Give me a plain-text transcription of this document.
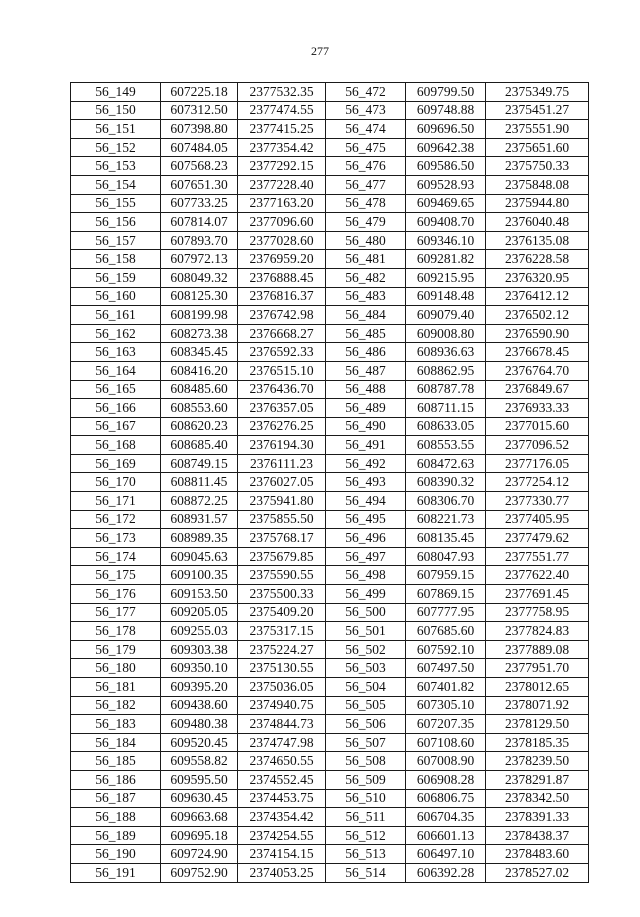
277
56_149	607225.18	2377532.35	56_472	609799.50	2375349.75
56_150	607312.50	2377474.55	56_473	609748.88	2375451.27
56_151	607398.80	2377415.25	56_474	609696.50	2375551.90
56_152	607484.05	2377354.42	56_475	609642.38	2375651.60
56_153	607568.23	2377292.15	56_476	609586.50	2375750.33
56_154	607651.30	2377228.40	56_477	609528.93	2375848.08
56_155	607733.25	2377163.20	56_478	609469.65	2375944.80
56_156	607814.07	2377096.60	56_479	609408.70	2376040.48
56_157	607893.70	2377028.60	56_480	609346.10	2376135.08
56_158	607972.13	2376959.20	56_481	609281.82	2376228.58
56_159	608049.32	2376888.45	56_482	609215.95	2376320.95
56_160	608125.30	2376816.37	56_483	609148.48	2376412.12
56_161	608199.98	2376742.98	56_484	609079.40	2376502.12
56_162	608273.38	2376668.27	56_485	609008.80	2376590.90
56_163	608345.45	2376592.33	56_486	608936.63	2376678.45
56_164	608416.20	2376515.10	56_487	608862.95	2376764.70
56_165	608485.60	2376436.70	56_488	608787.78	2376849.67
56_166	608553.60	2376357.05	56_489	608711.15	2376933.33
56_167	608620.23	2376276.25	56_490	608633.05	2377015.60
56_168	608685.40	2376194.30	56_491	608553.55	2377096.52
56_169	608749.15	2376111.23	56_492	608472.63	2377176.05
56_170	608811.45	2376027.05	56_493	608390.32	2377254.12
56_171	608872.25	2375941.80	56_494	608306.70	2377330.77
56_172	608931.57	2375855.50	56_495	608221.73	2377405.95
56_173	608989.35	2375768.17	56_496	608135.45	2377479.62
56_174	609045.63	2375679.85	56_497	608047.93	2377551.77
56_175	609100.35	2375590.55	56_498	607959.15	2377622.40
56_176	609153.50	2375500.33	56_499	607869.15	2377691.45
56_177	609205.05	2375409.20	56_500	607777.95	2377758.95
56_178	609255.03	2375317.15	56_501	607685.60	2377824.83
56_179	609303.38	2375224.27	56_502	607592.10	2377889.08
56_180	609350.10	2375130.55	56_503	607497.50	2377951.70
56_181	609395.20	2375036.05	56_504	607401.82	2378012.65
56_182	609438.60	2374940.75	56_505	607305.10	2378071.92
56_183	609480.38	2374844.73	56_506	607207.35	2378129.50
56_184	609520.45	2374747.98	56_507	607108.60	2378185.35
56_185	609558.82	2374650.55	56_508	607008.90	2378239.50
56_186	609595.50	2374552.45	56_509	606908.28	2378291.87
56_187	609630.45	2374453.75	56_510	606806.75	2378342.50
56_188	609663.68	2374354.42	56_511	606704.35	2378391.33
56_189	609695.18	2374254.55	56_512	606601.13	2378438.37
56_190	609724.90	2374154.15	56_513	606497.10	2378483.60
56_191	609752.90	2374053.25	56_514	606392.28	2378527.02
